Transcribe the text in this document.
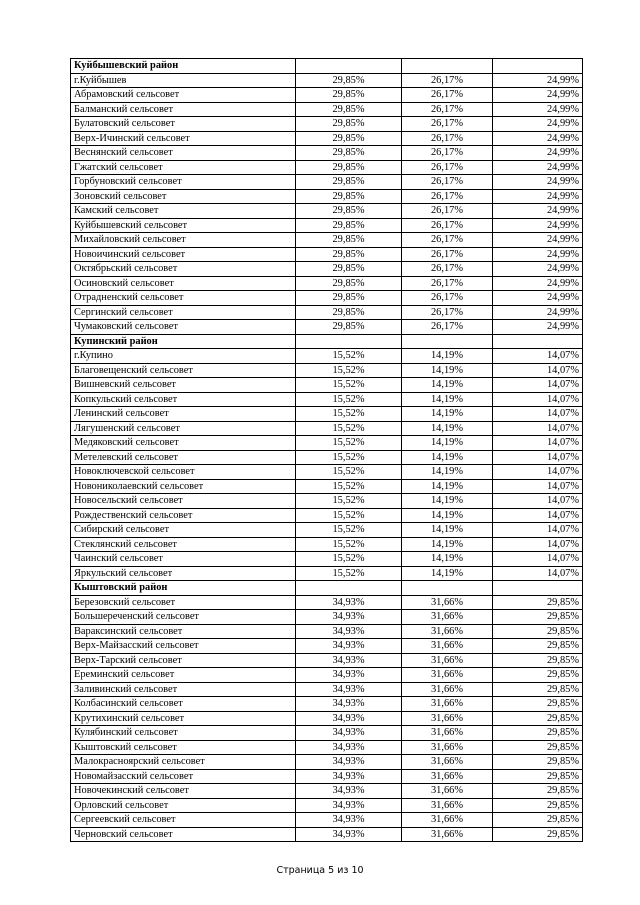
Куйбышевский район			
г.Куйбышев	29,85%	26,17%	24,99%
Абрамовский сельсовет	29,85%	26,17%	24,99%
Балманский сельсовет	29,85%	26,17%	24,99%
Булатовский сельсовет	29,85%	26,17%	24,99%
Верх-Ичинский сельсовет	29,85%	26,17%	24,99%
Веснянский сельсовет	29,85%	26,17%	24,99%
Гжатский сельсовет	29,85%	26,17%	24,99%
Горбуновский сельсовет	29,85%	26,17%	24,99%
Зоновский сельсовет	29,85%	26,17%	24,99%
Камский сельсовет	29,85%	26,17%	24,99%
Куйбышевский сельсовет	29,85%	26,17%	24,99%
Михайловский сельсовет	29,85%	26,17%	24,99%
Новоичинский сельсовет	29,85%	26,17%	24,99%
Октябрьский сельсовет	29,85%	26,17%	24,99%
Осиновский сельсовет	29,85%	26,17%	24,99%
Отрадненский сельсовет	29,85%	26,17%	24,99%
Сергинский сельсовет	29,85%	26,17%	24,99%
Чумаковский сельсовет	29,85%	26,17%	24,99%
Купинский район			
г.Купино	15,52%	14,19%	14,07%
Благовещенский сельсовет	15,52%	14,19%	14,07%
Вишневский сельсовет	15,52%	14,19%	14,07%
Копкульский сельсовет	15,52%	14,19%	14,07%
Ленинский сельсовет	15,52%	14,19%	14,07%
Лягушенский сельсовет	15,52%	14,19%	14,07%
Медяковский сельсовет	15,52%	14,19%	14,07%
Метелевский сельсовет	15,52%	14,19%	14,07%
Новоключевской сельсовет	15,52%	14,19%	14,07%
Новониколаевский сельсовет	15,52%	14,19%	14,07%
Новосельский сельсовет	15,52%	14,19%	14,07%
Рождественский сельсовет	15,52%	14,19%	14,07%
Сибирский сельсовет	15,52%	14,19%	14,07%
Стеклянский сельсовет	15,52%	14,19%	14,07%
Чаинский сельсовет	15,52%	14,19%	14,07%
Яркульский сельсовет	15,52%	14,19%	14,07%
Кыштовский район			
Березовский сельсовет	34,93%	31,66%	29,85%
Большереченский сельсовет	34,93%	31,66%	29,85%
Вараксинский сельсовет	34,93%	31,66%	29,85%
Верх-Майзасский сельсовет	34,93%	31,66%	29,85%
Верх-Тарский сельсовет	34,93%	31,66%	29,85%
Ереминский сельсовет	34,93%	31,66%	29,85%
Заливинский сельсовет	34,93%	31,66%	29,85%
Колбасинский сельсовет	34,93%	31,66%	29,85%
Крутихинский сельсовет	34,93%	31,66%	29,85%
Кулябинский сельсовет	34,93%	31,66%	29,85%
Кыштовский сельсовет	34,93%	31,66%	29,85%
Малокрасноярский сельсовет	34,93%	31,66%	29,85%
Новомайзасский сельсовет	34,93%	31,66%	29,85%
Новочекинский сельсовет	34,93%	31,66%	29,85%
Орловский сельсовет	34,93%	31,66%	29,85%
Сергеевский сельсовет	34,93%	31,66%	29,85%
Черновский сельсовет	34,93%	31,66%	29,85%
Страница 5 из 10
